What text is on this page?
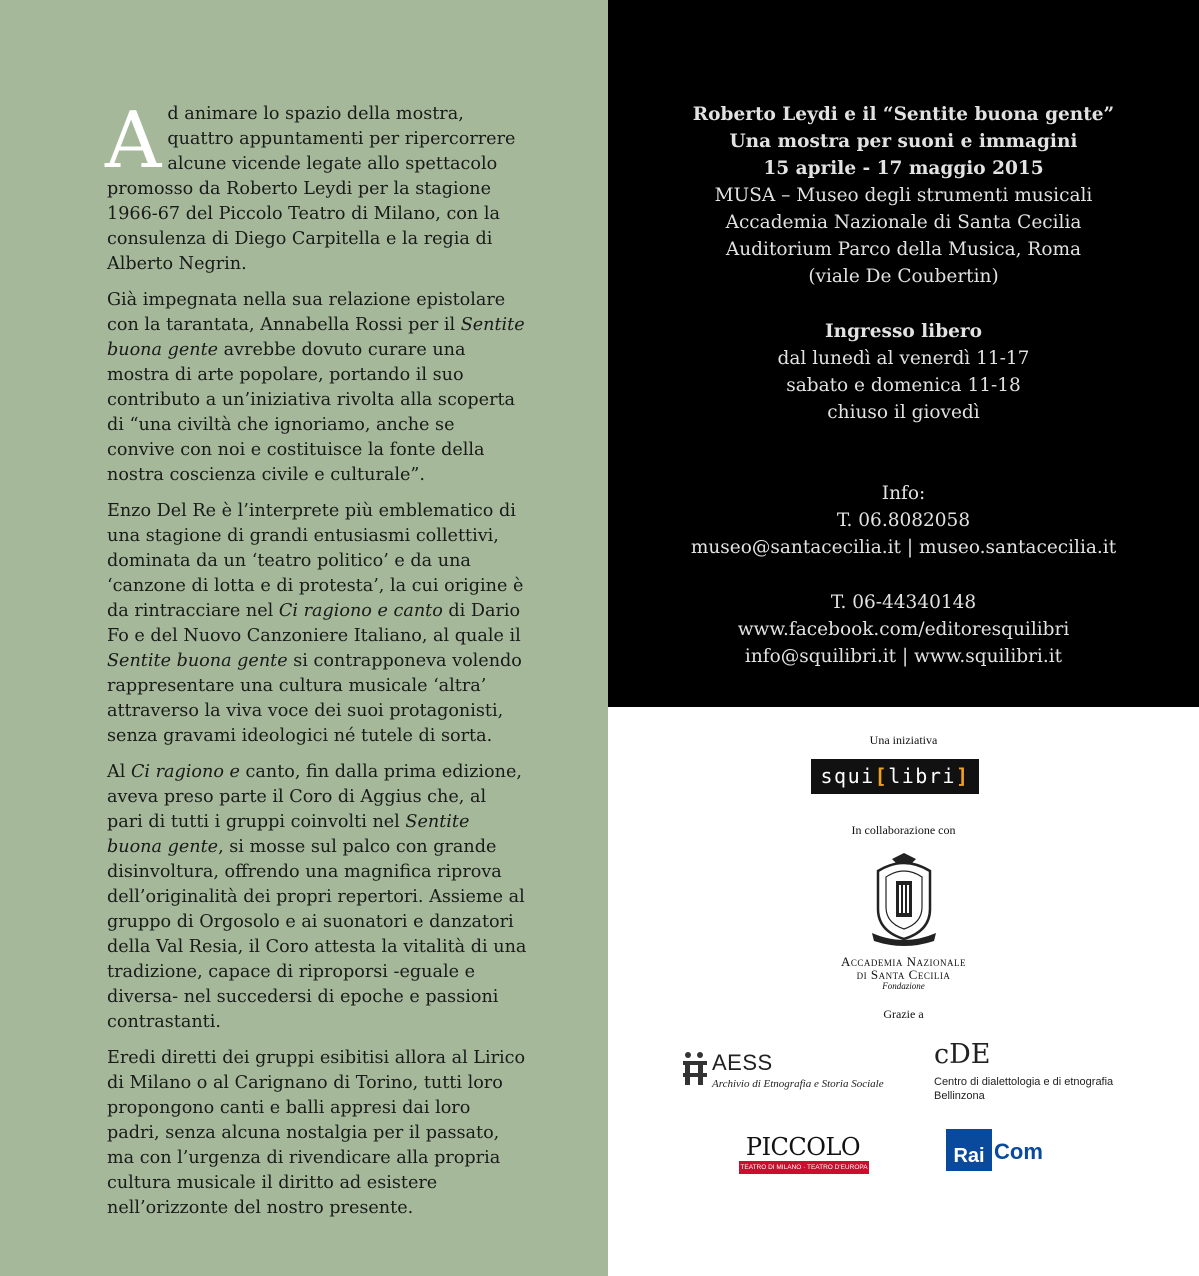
Ad animare lo spazio della mostra, quattro appuntamenti per ripercorrere alcune vicende legate allo spettacolo promosso da Roberto Leydi per la stagione 1966-67 del Piccolo Teatro di Milano, con la consulenza di Diego Carpitella e la regia di Alberto Negrin.

Già impegnata nella sua relazione epistolare con la tarantata, Annabella Rossi per il Sentite buona gente avrebbe dovuto curare una mostra di arte popolare, portando il suo contributo a un’iniziativa rivolta alla scoperta di “una civiltà che ignoriamo, anche se convive con noi e costituisce la fonte della nostra coscienza civile e culturale”.

Enzo Del Re è l’interprete più emblematico di una stagione di grandi entusiasmi collettivi, dominata da un ‘teatro politico’ e da una ‘canzone di lotta e di protesta’, la cui origine è da rintracciare nel Ci ragiono e canto di Dario Fo e del Nuovo Canzoniere Italiano, al quale il Sentite buona gente si contrapponeva volendo rappresentare una cultura musicale ‘altra’ attraverso la viva voce dei suoi protagonisti, senza gravami ideologici né tutele di sorta.

Al Ci ragiono e canto, fin dalla prima edizione, aveva preso parte il Coro di Aggius che, al pari di tutti i gruppi coinvolti nel Sentite buona gente, si mosse sul palco con grande disinvoltura, offrendo una magnifica riprova dell’originalità dei propri repertori. Assieme al gruppo di Orgosolo e ai suonatori e danzatori della Val Resia, il Coro attesta la vitalità di una tradizione, capace di riproporsi -eguale e diversa- nel succedersi di epoche e passioni contrastanti.

Eredi diretti dei gruppi esibitisi allora al Lirico di Milano o al Carignano di Torino, tutti loro propongono canti e balli appresi dai loro padri, senza alcuna nostalgia per il passato, ma con l’urgenza di rivendicare alla propria cultura musicale il diritto ad esistere nell’orizzonte del nostro presente.

Roberto Leydi e il “Sentite buona gente”
Una mostra per suoni e immagini
15 aprile - 17 maggio 2015
MUSA – Museo degli strumenti musicali
Accademia Nazionale di Santa Cecilia
Auditorium Parco della Musica, Roma
(viale De Coubertin)
Ingresso libero
dal lunedì al venerdì 11-17
sabato e domenica 11-18
chiuso il giovedì
Info:
T. 06.8082058
museo@santacecilia.it | museo.santacecilia.it
T. 06-44340148
www.facebook.com/editoresquilibri
info@squilibri.it | www.squilibri.it
Una iniziativa
squi[libri]
In collaborazione con
Accademia Nazionale
di Santa Cecilia
Fondazione
Grazie a
AESS
Archivio di Etnografia e Storia Sociale
cDE
Centro di dialettologia e di etnografia
Bellinzona
PICCOLO
TEATRO DI MILANO · TEATRO D'EUROPA
Rai Com
